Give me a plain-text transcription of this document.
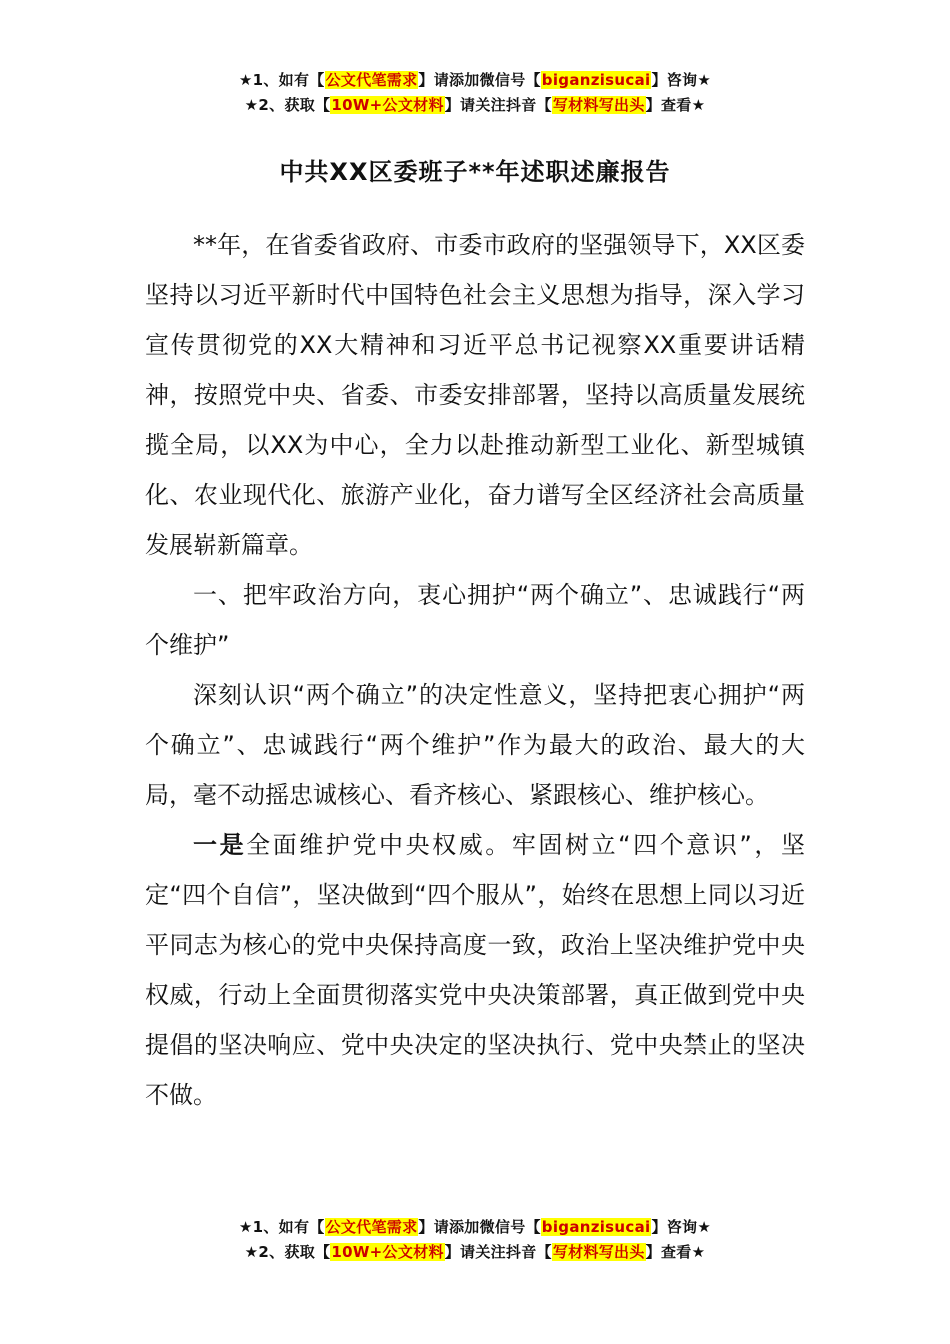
★1、如有【公文代笔需求】请添加微信号【biganzisucai】咨询★
★2、获取【10W+公文材料】请关注抖音【写材料写出头】查看★
中共XX区委班子**年述职述廉报告

**年，在省委省政府、市委市政府的坚强领导下，XX区委坚持以习近平新时代中国特色社会主义思想为指导，深入学习宣传贯彻党的XX大精神和习近平总书记视察XX重要讲话精神，按照党中央、省委、市委安排部署，坚持以高质量发展统揽全局，以XX为中心，全力以赴推动新型工业化、新型城镇化、农业现代化、旅游产业化，奋力谱写全区经济社会高质量发展崭新篇章。

一、把牢政治方向，衷心拥护“两个确立”、忠诚践行“两个维护”

深刻认识“两个确立”的决定性意义，坚持把衷心拥护“两个确立”、忠诚践行“两个维护”作为最大的政治、最大的大局，毫不动摇忠诚核心、看齐核心、紧跟核心、维护核心。

一是全面维护党中央权威。牢固树立“四个意识”，坚定“四个自信”，坚决做到“四个服从”，始终在思想上同以习近平同志为核心的党中央保持高度一致，政治上坚决维护党中央权威，行动上全面贯彻落实党中央决策部署，真正做到党中央提倡的坚决响应、党中央决定的坚决执行、党中央禁止的坚决不做。

★1、如有【公文代笔需求】请添加微信号【biganzisucai】咨询★
★2、获取【10W+公文材料】请关注抖音【写材料写出头】查看★
